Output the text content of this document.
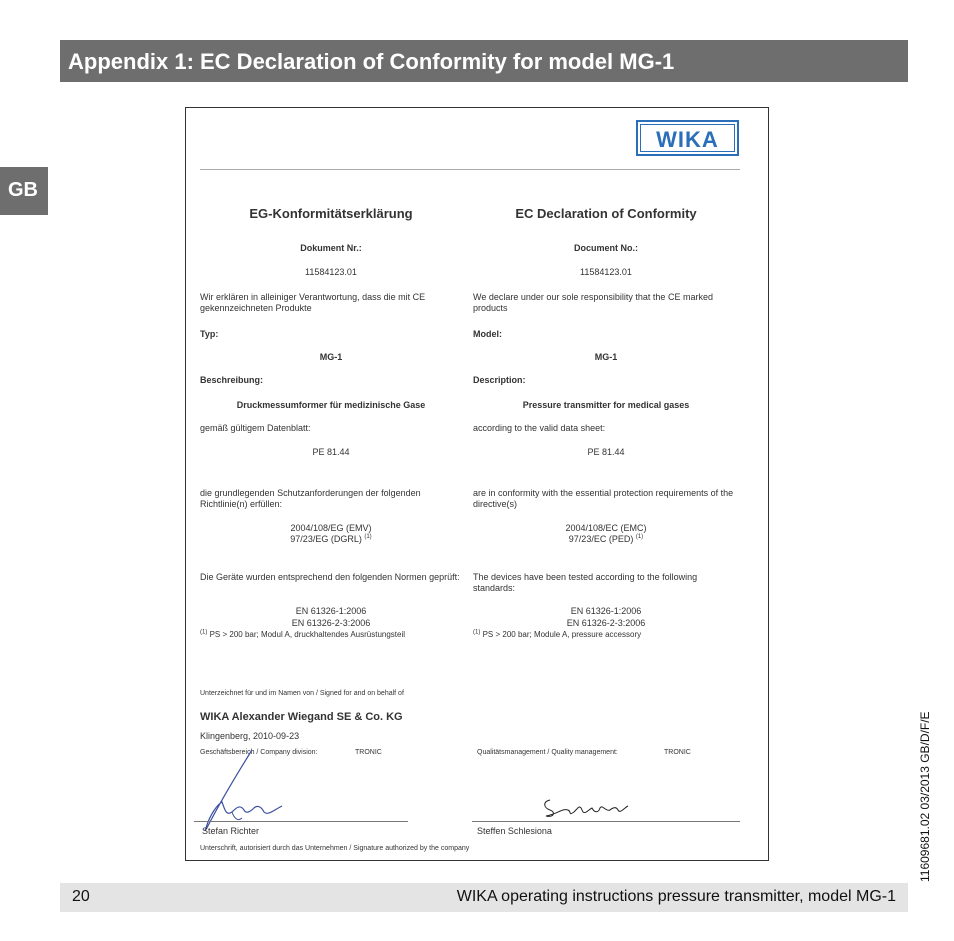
Appendix 1: EC Declaration of Conformity for model MG-1
GB
WIKA
EG-Konformitätserklärung
Dokument Nr.:
11584123.01
Wir erklären in alleiniger Verantwortung, dass die mit CE gekennzeichneten Produkte
Typ:
MG-1
Beschreibung:
Druckmessumformer für medizinische Gase
gemäß gültigem Datenblatt:
PE 81.44
die grundlegenden Schutzanforderungen der folgenden Richtlinie(n) erfüllen:
2004/108/EG (EMV)
97/23/EG (DGRL) $^{(1)}$
Die Geräte wurden entsprechend den folgenden Normen geprüft:
EN 61326-1:2006
EN 61326-2-3:2006
$^{(1)}$ PS > 200 bar; Modul A, druckhaltendes Ausrüstungsteil
EC Declaration of Conformity
Document No.:
11584123.01
We declare under our sole responsibility that the CE marked products
Model:
MG-1
Description:
Pressure transmitter for medical gases
according to the valid data sheet:
PE 81.44
are in conformity with the essential protection requirements of the directive(s)
2004/108/EC (EMC)
97/23/EC (PED) $^{(1)}$
The devices have been tested according to the following standards:
EN 61326-1:2006
EN 61326-2-3:2006
$^{(1)}$ PS > 200 bar; Module A, pressure accessory
Unterzeichnet für und im Namen von / Signed for and on behalf of
WIKA Alexander Wiegand SE & Co. KG
Klingenberg, 2010-09-23
Geschäftsbereich / Company division:	TRONIC	Qualitätsmanagement / Quality management:	TRONIC
Stefan Richter	Steffen Schlesiona
Unterschrift, autorisiert durch das Unternehmen / Signature authorized by the company
20	WIKA operating instructions pressure transmitter, model MG-1
11609681.02 03/2013 GB/D/F/E
